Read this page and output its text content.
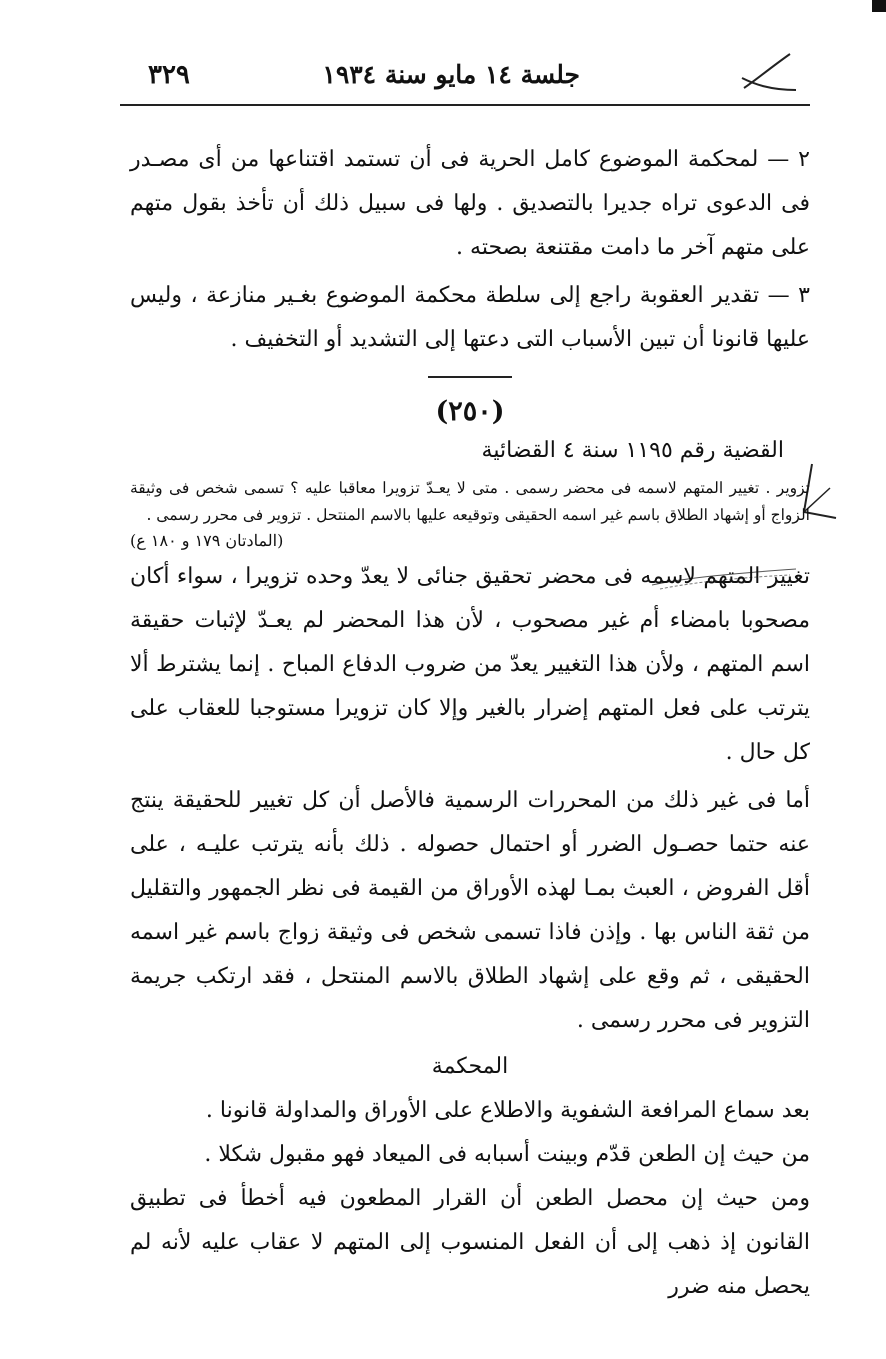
٣٢٩	جلسة ١٤ مايو سنة ١٩٣٤

٢ — لمحكمة الموضوع كامل الحرية فى أن تستمد اقتناعها من أى مصـدر فى الدعوى تراه جديرا بالتصديق . ولها فى سبيل ذلك أن تأخذ بقول متهم على متهم آخر ما دامت مقتنعة بصحته .

٣ — تقدير العقوبة راجع إلى سلطة محكمة الموضوع بغـير منازعة ، وليس عليها قانونا أن تبين الأسباب التى دعتها إلى التشديد أو التخفيف .

(٢٥٠)
القضية رقم ١١٩٥ سنة ٤ القضائية

تزوير . تغيير المتهم لاسمه فى محضر رسمى . متى لا يعـدّ تزويرا معاقبا عليه ؟ تسمى شخص فى وثيقة الزواج أو إشهاد الطلاق باسم غير اسمه الحقيقى وتوقيعه عليها بالاسم المنتحل . تزوير فى محرر رسمى .

(المادتان ١٧٩ و ١٨٠ ع)

تغيير المتهم لاسمه فى محضر تحقيق جنائى لا يعدّ وحده تزويرا ، سواء أكان مصحوبا بامضاء أم غير مصحوب ، لأن هذا المحضر لم يعـدّ لإثبات حقيقة اسم المتهم ، ولأن هذا التغيير يعدّ من ضروب الدفاع المباح . إنما يشترط ألا يترتب على فعل المتهم إضرار بالغير وإلا كان تزويرا مستوجبا للعقاب على كل حال .

أما فى غير ذلك من المحررات الرسمية فالأصل أن كل تغيير للحقيقة ينتج عنه حتما حصـول الضرر أو احتمال حصوله . ذلك بأنه يترتب عليـه ، على أقل الفروض ، العبث بمـا لهذه الأوراق من القيمة فى نظر الجمهور والتقليل من ثقة الناس بها . وإذن فاذا تسمى شخص فى وثيقة زواج باسم غير اسمه الحقيقى ، ثم وقع على إشهاد الطلاق بالاسم المنتحل ، فقد ارتكب جريمة التزوير فى محرر رسمى .

المحكمة

بعد سماع المرافعة الشفوية والاطلاع على الأوراق والمداولة قانونا .

من حيث إن الطعن قدّم وبينت أسبابه فى الميعاد فهو مقبول شكلا .

ومن حيث إن محصل الطعن أن القرار المطعون فيه أخطأ فى تطبيق القانون إذ ذهب إلى أن الفعل المنسوب إلى المتهم لا عقاب عليه لأنه لم يحصل منه ضرر
